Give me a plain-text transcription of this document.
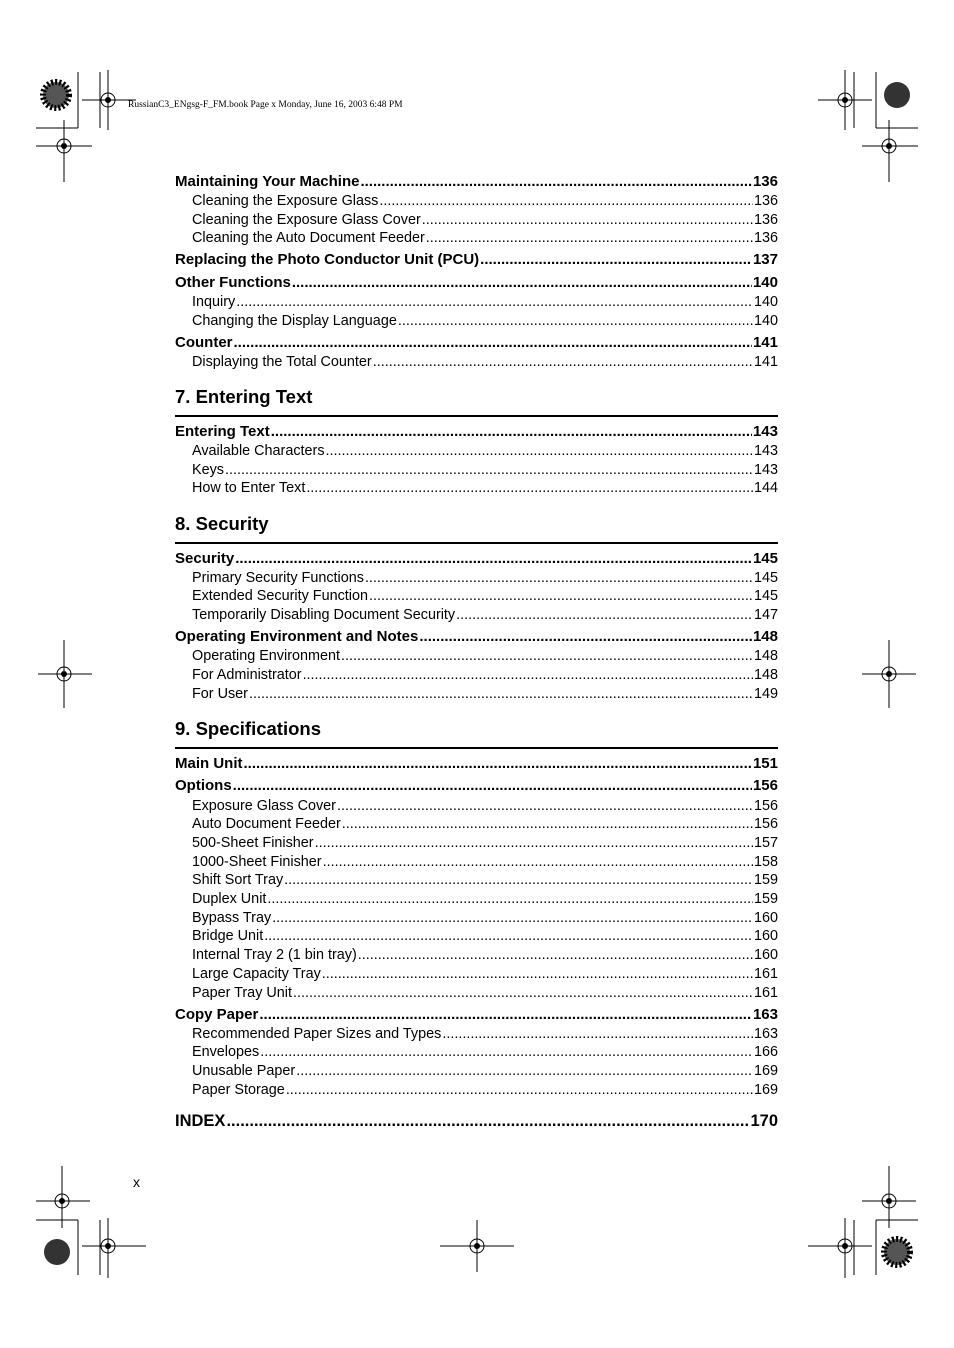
RussianC3_ENgsg-F_FM.book Page x Monday, June 16, 2003 6:48 PM
Maintaining Your Machine .....	136
Cleaning the Exposure Glass .....	136
Cleaning the Exposure Glass Cover .....	136
Cleaning the Auto Document Feeder .....	136
Replacing the Photo Conductor Unit (PCU) .....	137
Other Functions .....	140
Inquiry .....	140
Changing the Display Language .....	140
Counter .....	141
Displaying the Total Counter .....	141
7. Entering Text
Entering Text .....	143
Available Characters .....	143
Keys .....	143
How to Enter Text .....	144
8. Security
Security .....	145
Primary Security Functions .....	145
Extended Security Function .....	145
Temporarily Disabling Document Security .....	147
Operating Environment and Notes .....	148
Operating Environment .....	148
For Administrator .....	148
For User .....	149
9. Specifications
Main Unit .....	151
Options .....	156
Exposure Glass Cover .....	156
Auto Document Feeder .....	156
500-Sheet Finisher .....	157
1000-Sheet Finisher .....	158
Shift Sort Tray .....	159
Duplex Unit .....	159
Bypass Tray .....	160
Bridge Unit .....	160
Internal Tray 2 (1 bin tray) .....	160
Large Capacity Tray .....	161
Paper Tray Unit .....	161
Copy Paper .....	163
Recommended Paper Sizes and Types .....	163
Envelopes .....	166
Unusable Paper .....	169
Paper Storage .....	169
INDEX .....	170
x
